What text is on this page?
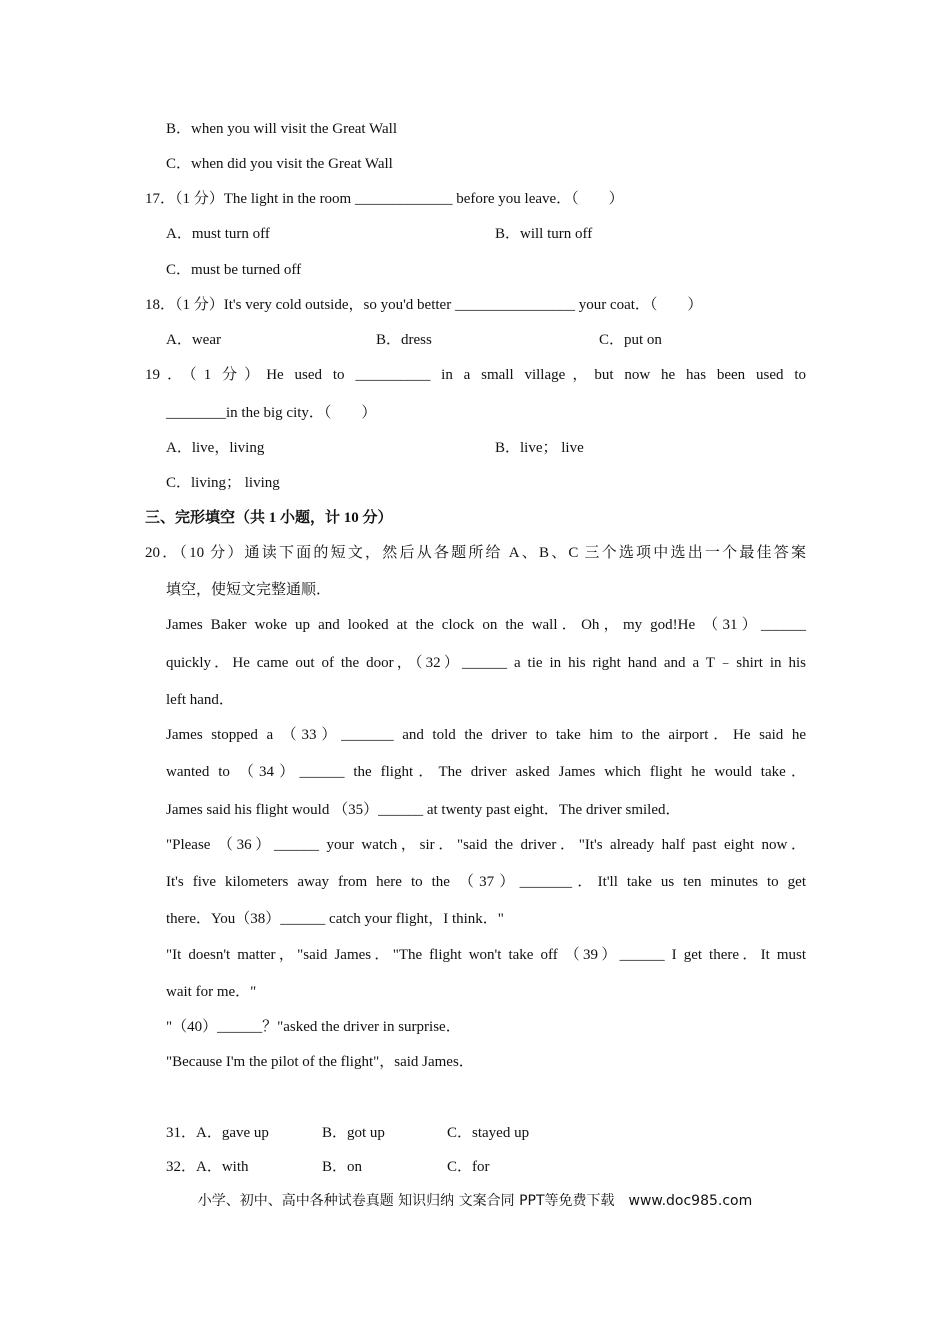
B．when you will visit the Great Wall
C．when did you visit the Great Wall
17．（1 分）The light in the room _____________ before you leave．（　　）
A．must turn off	B．will turn off
C．must be turned off
18．（1 分）It's very cold outside，so you'd better ________________ your coat．（　　）
A．wear	B．dress	C．put on
19．（1 分）He used to __________ in a small village，but now he has been used to
________in the big city．（　　）
A．live，living	B．live； live
C．living； living
三、完形填空（共 1 小题，计 10 分）
20．（10 分）通读下面的短文，然后从各题所给 A、B、C 三个选项中选出一个最佳答案
填空，使短文完整通顺．
James Baker woke up and looked at the clock on the wall．Oh，my god!He （31）______
quickly．He came out of the door，（32）______ a tie in his right hand and a T﹣shirt in his
left hand．
James stopped a （33）_______ and told the driver to take him to the airport．He said he
wanted to （34）______ the flight．The driver asked James which flight he would take．
James said his flight would （35）______ at twenty past eight．The driver smiled．
"Please （36）______ your watch，sir．"said the driver．"It's already half past eight now．
It's five kilometers away from here to the （37）_______．It'll take us ten minutes to get
there．You（38）______ catch your flight，I think．"
"It doesn't matter，"said James．"The flight won't take off （39）______ I get there．It must
wait for me．"
"（40）______？"asked the driver in surprise．
"Because I'm the pilot of the flight"，said James．
31．A．gave up	B．got up	C．stayed up
32．A．with	B．on	C．for
小学、初中、高中各种试卷真题 知识归纳 文案合同 PPT等免费下载　www.doc985.com
